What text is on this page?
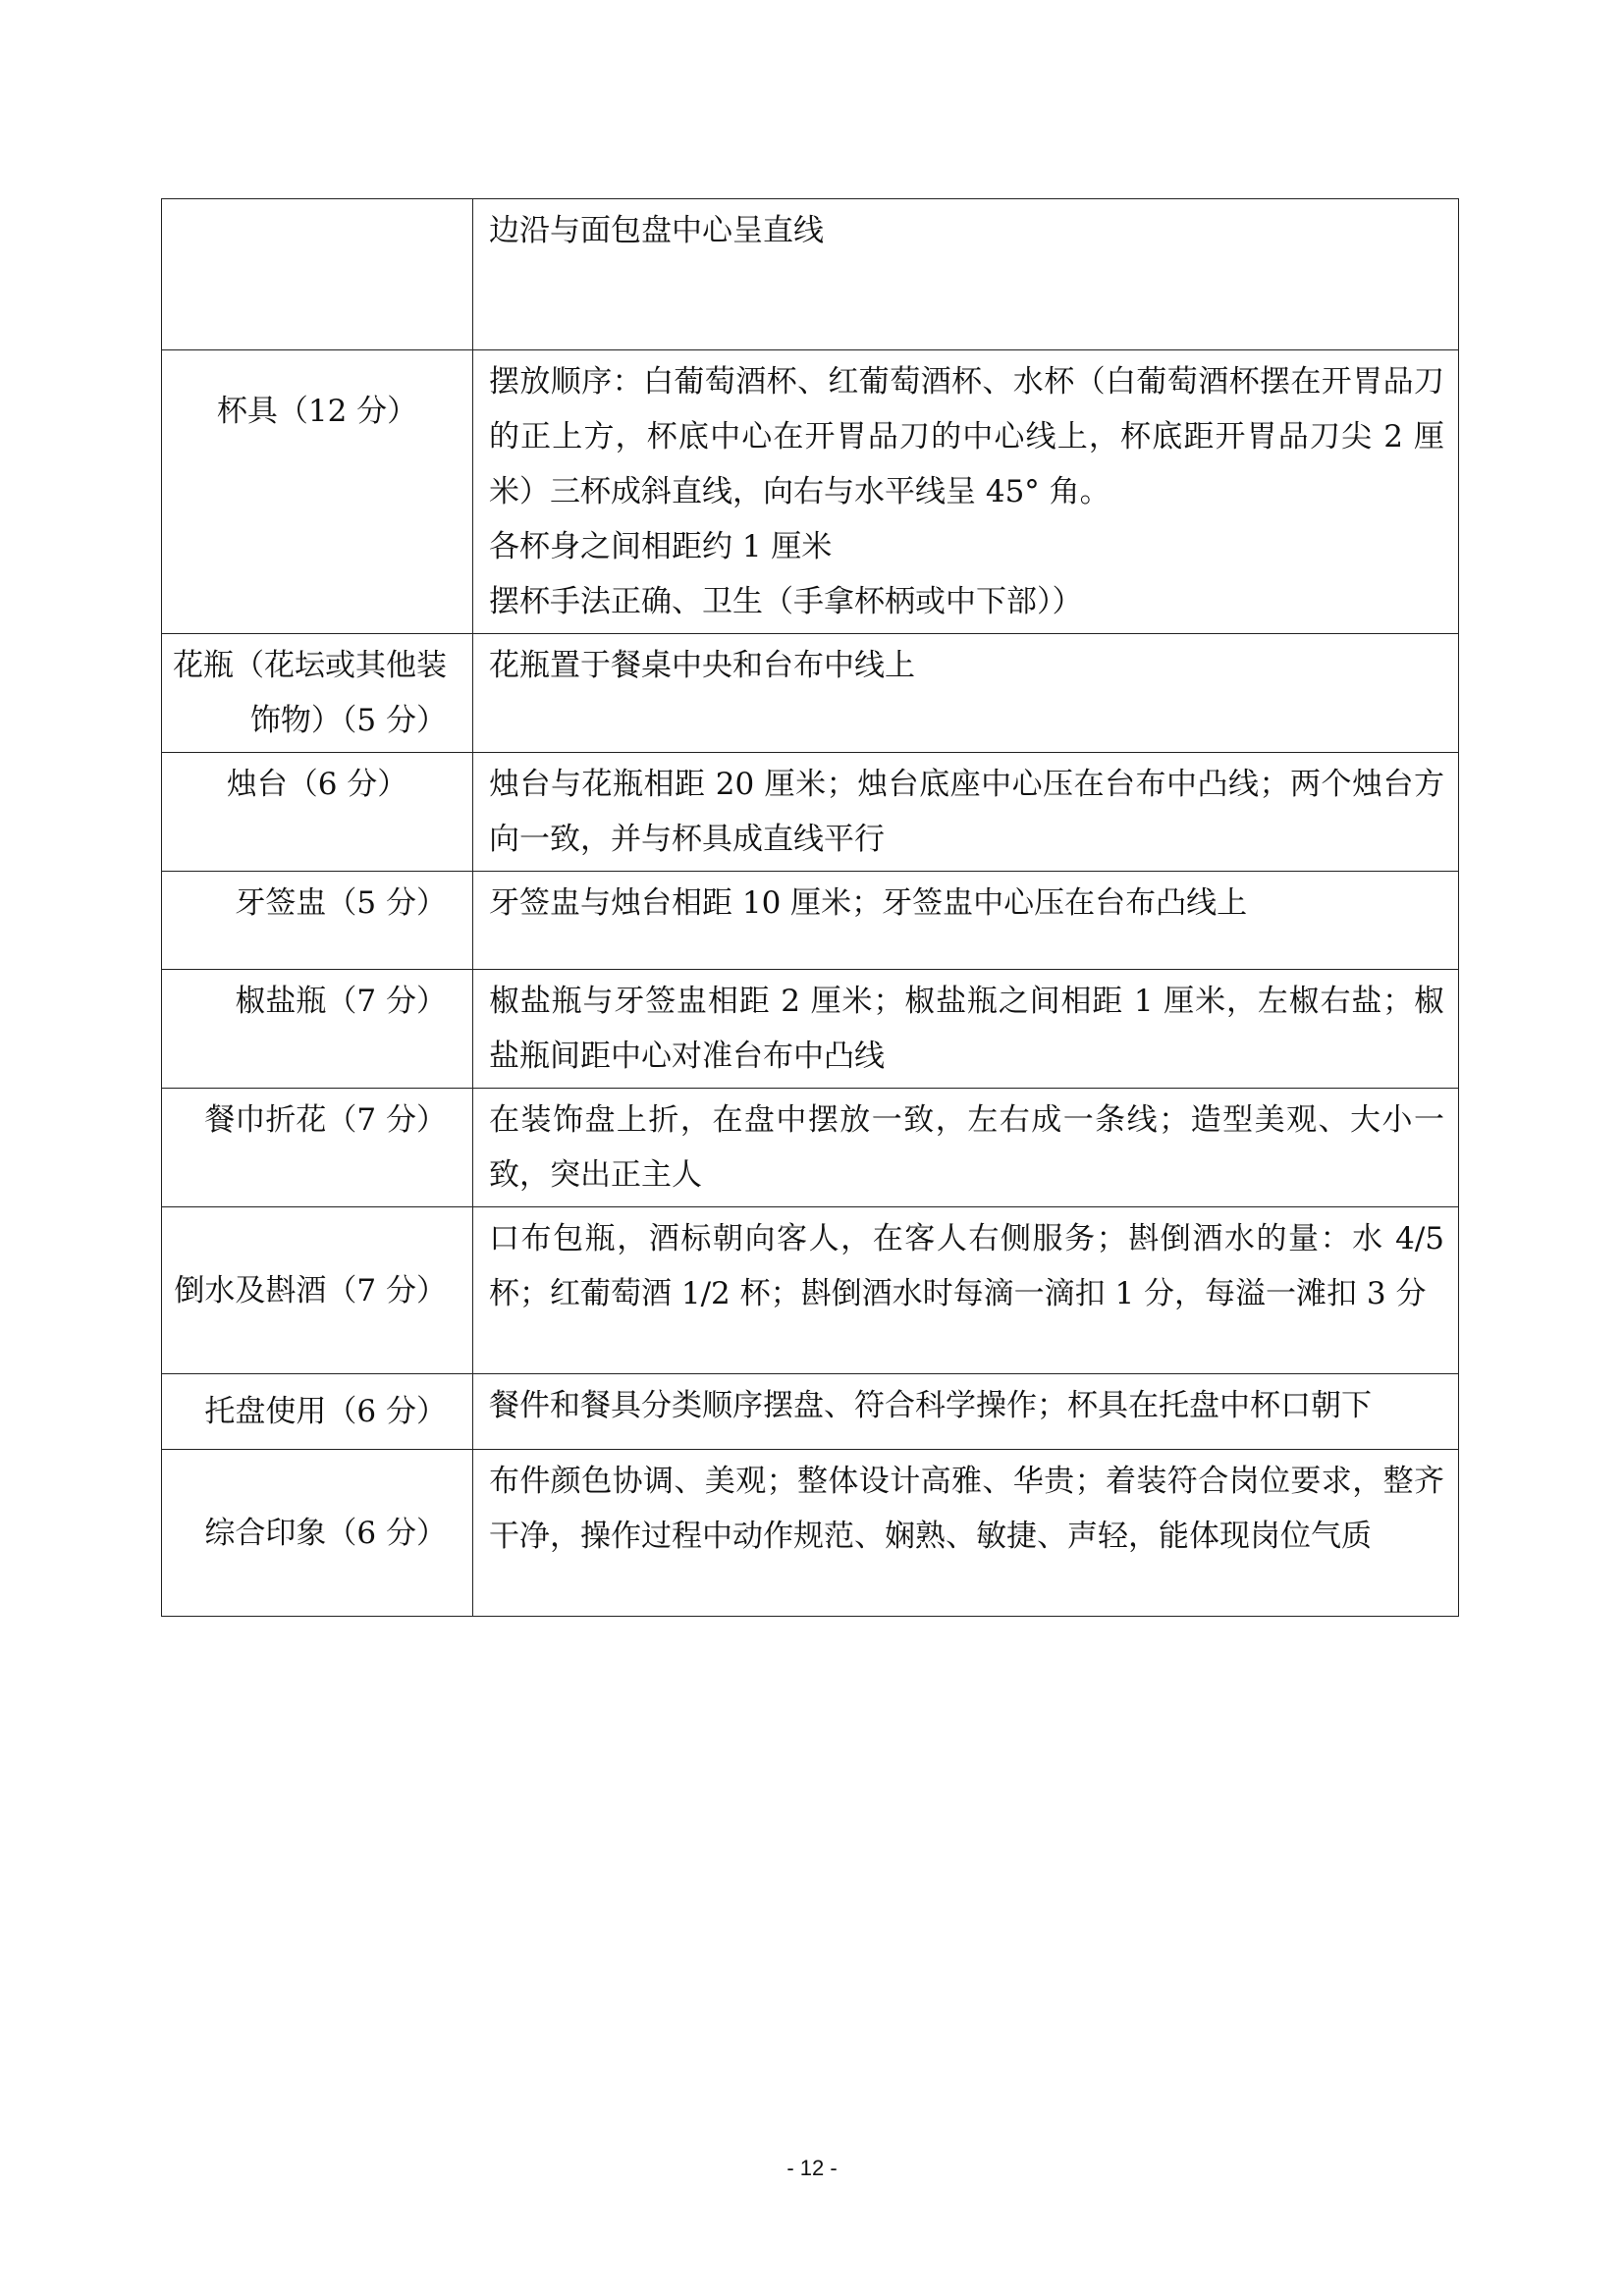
	边沿与面包盘中心呈直线

杯具（12 分）	摆放顺序：白葡萄酒杯、红葡萄酒杯、水杯（白葡萄酒杯摆在开胃品刀的正上方，杯底中心在开胃品刀的中心线上，杯底距开胃品刀尖 2 厘米）三杯成斜直线，向右与水平线呈 45° 角。
各杯身之间相距约 1 厘米
摆杯手法正确、卫生（手拿杯柄或中下部））

花瓶（花坛或其他装饰物）（5 分）	花瓶置于餐桌中央和台布中线上

烛台（6 分）	烛台与花瓶相距 20 厘米；烛台底座中心压在台布中凸线；两个烛台方向一致，并与杯具成直线平行

牙签盅（5 分）	牙签盅与烛台相距 10 厘米；牙签盅中心压在台布凸线上

椒盐瓶（7 分）	椒盐瓶与牙签盅相距 2 厘米；椒盐瓶之间相距 1 厘米，左椒右盐；椒盐瓶间距中心对准台布中凸线

餐巾折花（7 分）	在装饰盘上折，在盘中摆放一致，左右成一条线；造型美观、大小一致，突出正主人

倒水及斟酒（7 分）	口布包瓶，酒标朝向客人，在客人右侧服务；斟倒酒水的量：水 4/5 杯；红葡萄酒 1/2 杯；斟倒酒水时每滴一滴扣 1 分，每溢一滩扣 3 分

托盘使用（6 分）	餐件和餐具分类顺序摆盘、符合科学操作；杯具在托盘中杯口朝下

综合印象（6 分）	布件颜色协调、美观；整体设计高雅、华贵；着装符合岗位要求，整齐干净，操作过程中动作规范、娴熟、敏捷、声轻，能体现岗位气质
- 12 -
